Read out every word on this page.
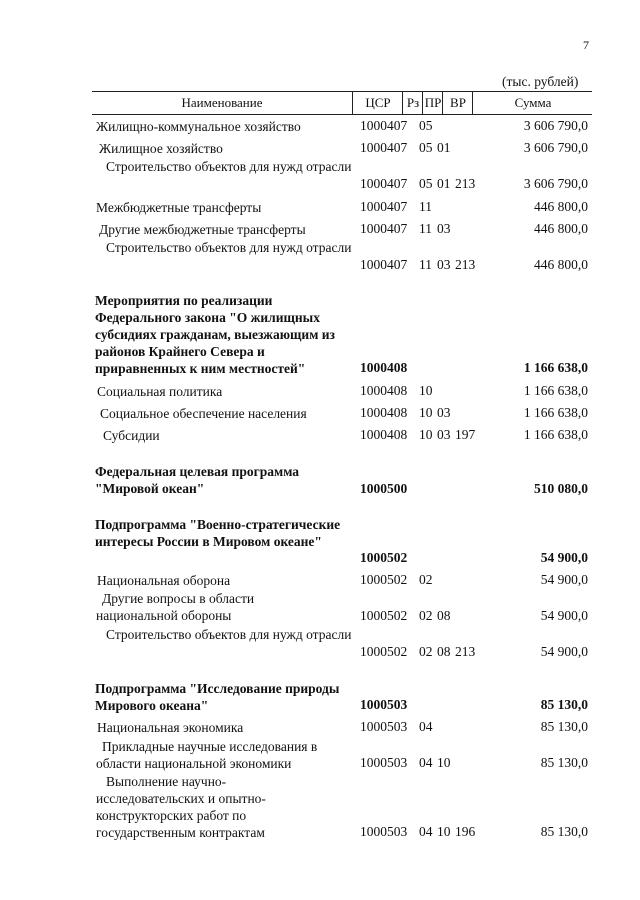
7
(тыс. рублей)
Наименование	ЦСР	Рз ПР ВР	Сумма
Жилищно-коммунальное хозяйство	1000407 05	3 606 790,0
Жилищное хозяйство	1000407 05 01	3 606 790,0
Строительство объектов для нужд отрасли
1000407 05 01 213	3 606 790,0
Межбюджетные трансферты	1000407 11	446 800,0
Другие межбюджетные трансферты	1000407 11 03	446 800,0
Строительство объектов для нужд отрасли
1000407 11 03 213	446 800,0
Мероприятия по реализации Федерального закона "О жилищных субсидиях гражданам, выезжающим из районов Крайнего Севера и приравненных к ним местностей"	1000408	1 166 638,0
Социальная политика	1000408 10	1 166 638,0
Социальное обеспечение населения	1000408 10 03	1 166 638,0
Субсидии	1000408 10 03 197	1 166 638,0
Федеральная целевая программа "Мировой океан"	1000500	510 080,0
Подпрограмма "Военно-стратегические интересы России в Мировом океане"
1000502	54 900,0
Национальная оборона	1000502 02	54 900,0
Другие вопросы в области национальной обороны	1000502 02 08	54 900,0
Строительство объектов для нужд отрасли
1000502 02 08 213	54 900,0
Подпрограмма "Исследование природы Мирового океана"	1000503	85 130,0
Национальная экономика	1000503 04	85 130,0
Прикладные научные исследования в области национальной экономики	1000503 04 10	85 130,0
Выполнение научно-исследовательских и опытно-конструкторских работ по государственным контрактам	1000503 04 10 196	85 130,0
